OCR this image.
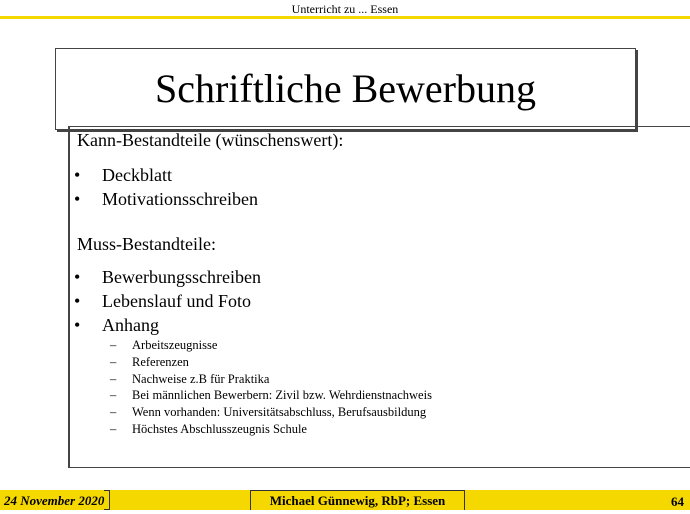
Unterricht zu ... Essen
Schriftliche Bewerbung
Kann-Bestandteile (wünschenswert):
• Deckblatt
• Motivationsschreiben
Muss-Bestandteile:
• Bewerbungsschreiben
• Lebenslauf und Foto
• Anhang
– Arbeitszeugnisse
– Referenzen
– Nachweise z.B für Praktika
– Bei männlichen Bewerbern: Zivil bzw. Wehrdienstnachweis
– Wenn vorhanden: Universitätsabschluss, Berufsausbildung
– Höchstes Abschlusszeugnis Schule
24 November 2020	Michael Günnewig, RbP; Essen	64
